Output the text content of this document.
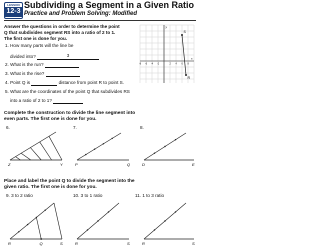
LESSON
12-3
Subdividing a Segment in a Given Ratio
Practice and Problem Solving: Modified
Answer the questions in order to determine the point
Q that subdivides segment RS into a ratio of 2 to 1.
The first one is done for you.
1. How many parts will the line be
divided into?	3
2. What is the run?
3. What is the rise?
4. Point Q is	distance from point R to point S.
5. What are the coordinates of the point Q that subdivides RS
into a ratio of 2 to 1?
S
R
x
y
-8 -6 -4 -2	2 4 6 8
Complete the construction to divide the line segment into
even parts. The first one is done for you.
6.	7.	8.
Z	Y	P	Q	D	E
Place and label the point Q to divide the segment into the
given ratio. The first one is done for you.
9. 3 to 2 ratio	10. 3 to 1 ratio	11. 1 to 3 ratio
R	Q	S	R	S	R	S
